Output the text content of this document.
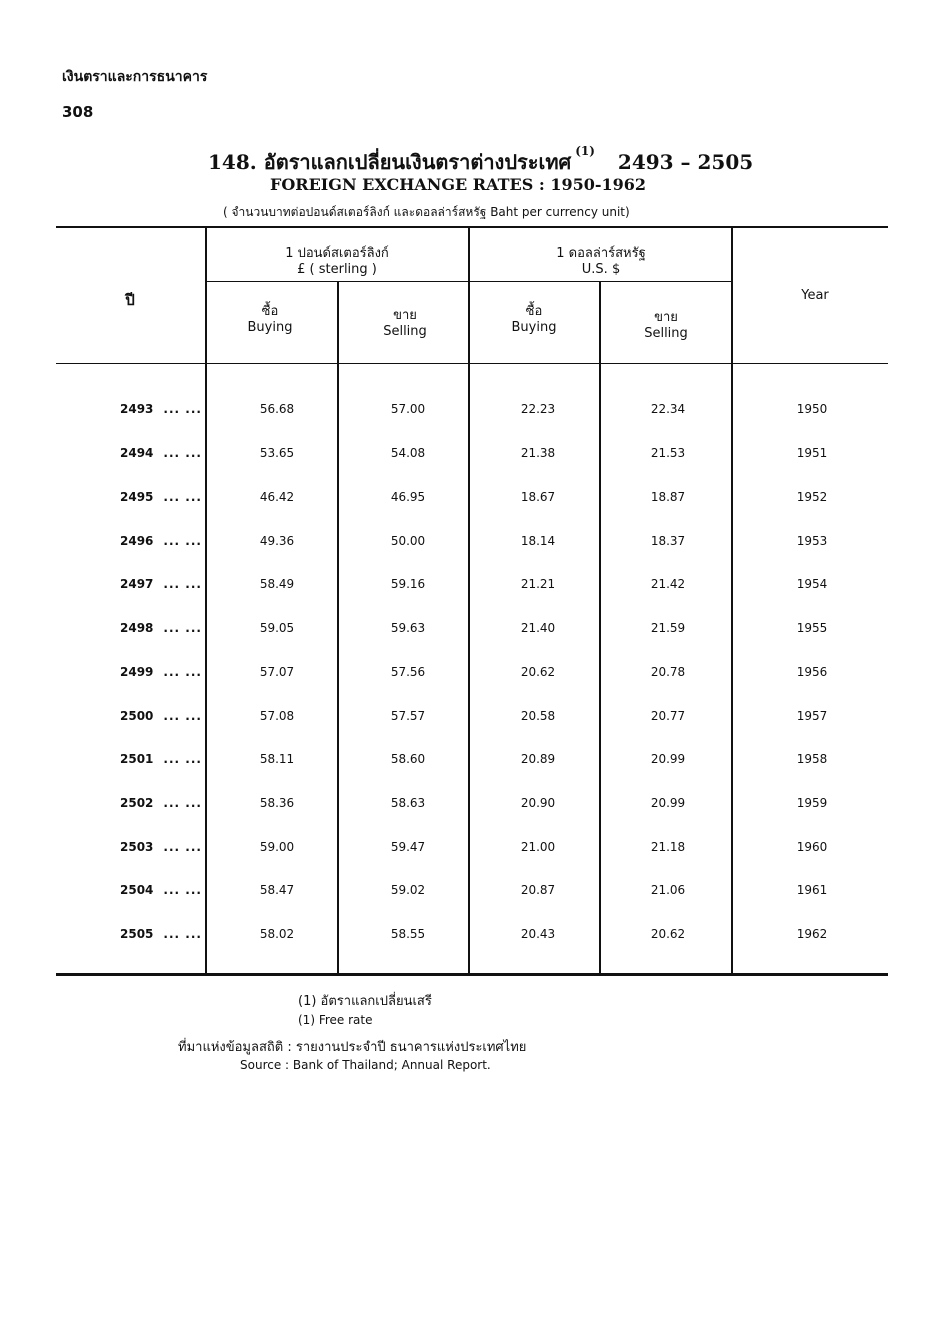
เงินตราและการธนาคาร
308
148. อัตราแลกเปลี่ยนเงินตราต่างประเทศ $^{(1)}$ 2493 – 2505
FOREIGN EXCHANGE RATES : 1950-1962
( จำนวนบาทต่อปอนด์สเตอร์ลิงก์ และดอลล่าร์สหรัฐ Baht per currency unit)
ปี	Year
1 ปอนด์สเตอร์ลิงก์
£ ( sterling )
1 ดอลล่าร์สหรัฐ
U.S. $
ซื้อ
Buying
ขาย
Selling
ซื้อ
Buying
ขาย
Selling
2493 ... ...	56.68	57.00	22.23	22.34	1950
2494 ... ...	53.65	54.08	21.38	21.53	1951
2495 ... ...	46.42	46.95	18.67	18.87	1952
2496 ... ...	49.36	50.00	18.14	18.37	1953
2497 ... ...	58.49	59.16	21.21	21.42	1954
2498 ... ...	59.05	59.63	21.40	21.59	1955
2499 ... ...	57.07	57.56	20.62	20.78	1956
2500 ... ...	57.08	57.57	20.58	20.77	1957
2501 ... ...	58.11	58.60	20.89	20.99	1958
2502 ... ...	58.36	58.63	20.90	20.99	1959
2503 ... ...	59.00	59.47	21.00	21.18	1960
2504 ... ...	58.47	59.02	20.87	21.06	1961
2505 ... ...	58.02	58.55	20.43	20.62	1962
(1) อัตราแลกเปลี่ยนเสรี
(1) Free rate
ที่มาแห่งข้อมูลสถิติ : รายงานประจำปี ธนาคารแห่งประเทศไทย
Source : Bank of Thailand; Annual Report.
